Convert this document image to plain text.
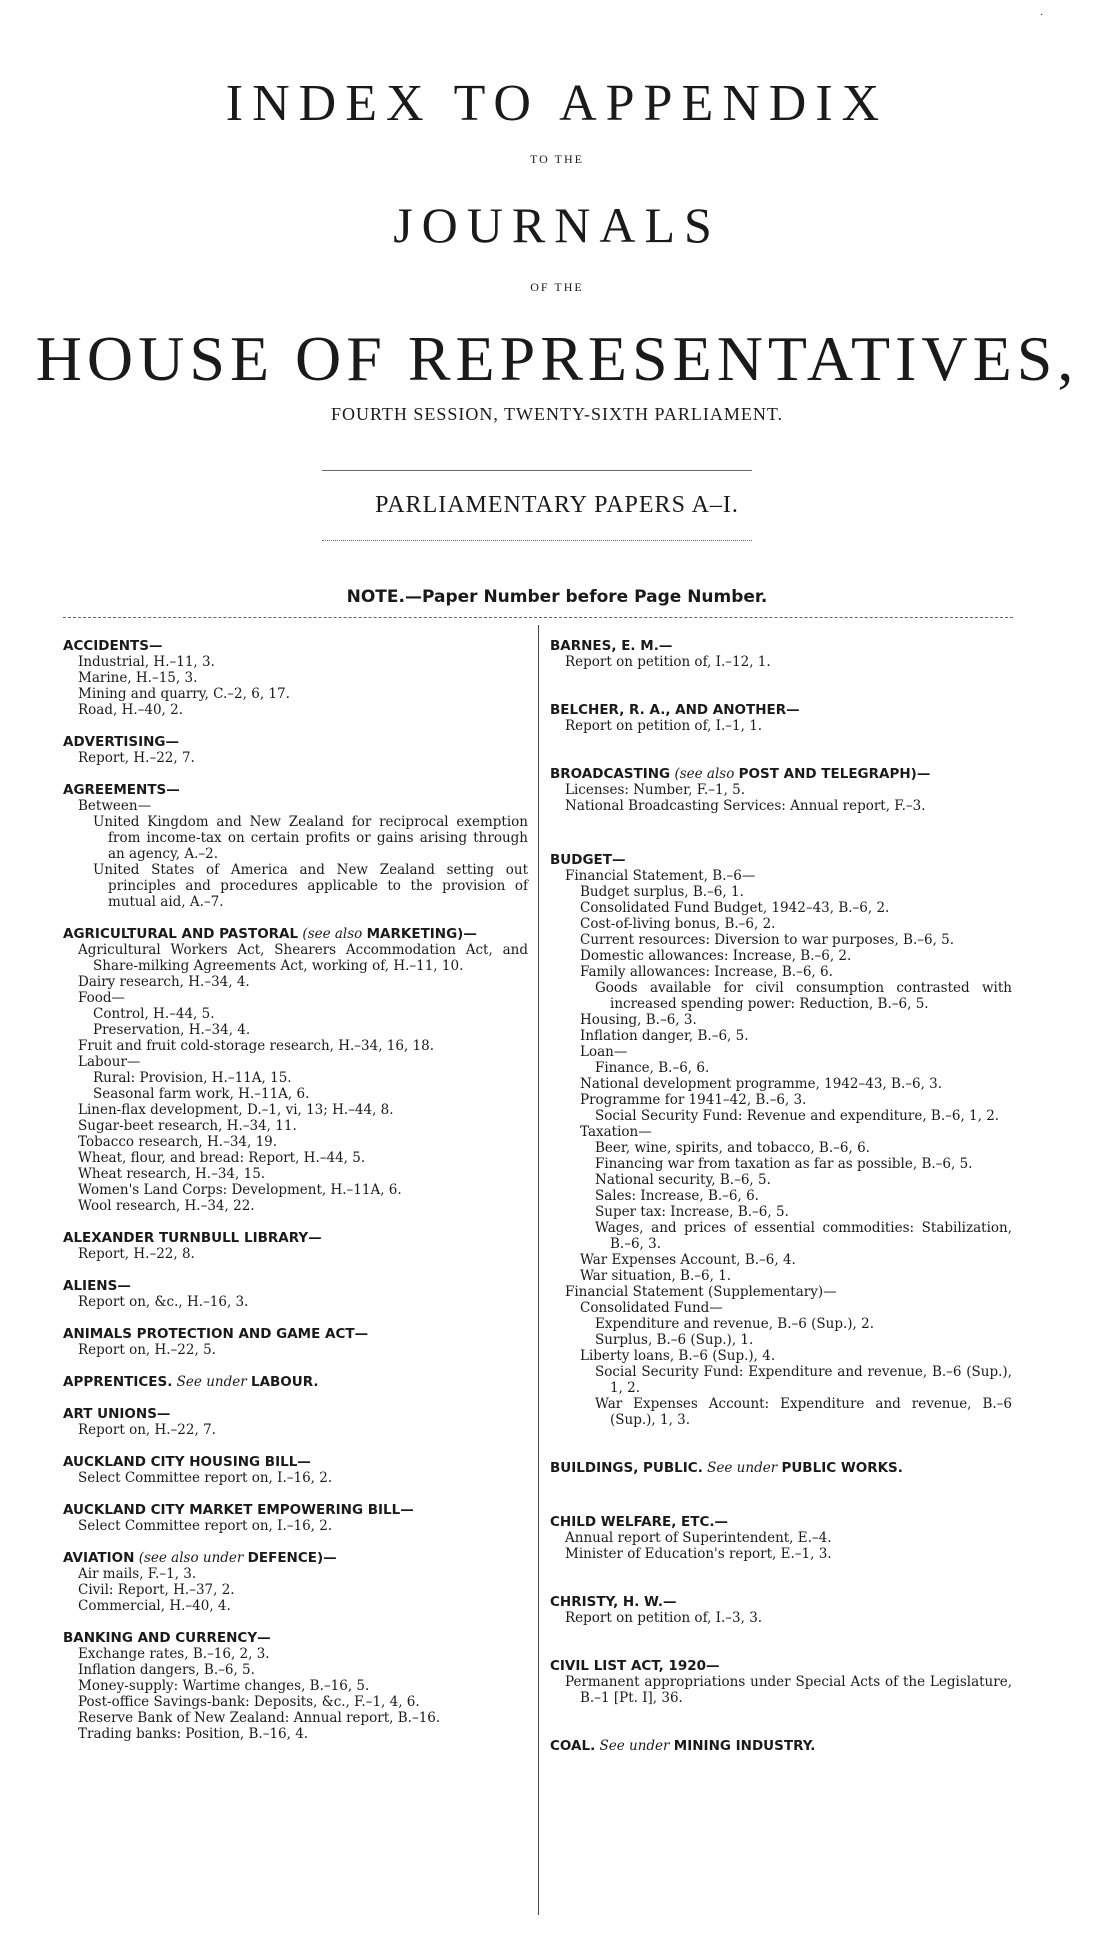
·
INDEX TO APPENDIX
TO THE
JOURNALS
OF THE
HOUSE OF REPRESENTATIVES,
FOURTH SESSION, TWENTY-SIXTH PARLIAMENT.
PARLIAMENTARY PAPERS A–I.
NOTE.—Paper Number before Page Number.
ACCIDENTS—
Industrial, H.–11, 3.
Marine, H.–15, 3.
Mining and quarry, C.–2, 6, 17.
Road, H.–40, 2.
ADVERTISING—
Report, H.–22, 7.
AGREEMENTS—
Between—
United Kingdom and New Zealand for reciprocal exemption from income-tax on certain profits or gains arising through an agency, A.–2.
United States of America and New Zealand setting out principles and procedures applicable to the provision of mutual aid, A.–7.
AGRICULTURAL AND PASTORAL (see also MARKETING)—
Agricultural Workers Act, Shearers Accommodation Act, and Share-milking Agreements Act, working of, H.–11, 10.
Dairy research, H.–34, 4.
Food—
Control, H.–44, 5.
Preservation, H.–34, 4.
Fruit and fruit cold-storage research, H.–34, 16, 18.
Labour—
Rural: Provision, H.–11A, 15.
Seasonal farm work, H.–11A, 6.
Linen-flax development, D.–1, vi, 13; H.–44, 8.
Sugar-beet research, H.–34, 11.
Tobacco research, H.–34, 19.
Wheat, flour, and bread: Report, H.–44, 5.
Wheat research, H.–34, 15.
Women's Land Corps: Development, H.–11A, 6.
Wool research, H.–34, 22.
ALEXANDER TURNBULL LIBRARY—
Report, H.–22, 8.
ALIENS—
Report on, &c., H.–16, 3.
ANIMALS PROTECTION AND GAME ACT—
Report on, H.–22, 5.
APPRENTICES. See under LABOUR.
ART UNIONS—
Report on, H.–22, 7.
AUCKLAND CITY HOUSING BILL—
Select Committee report on, I.–16, 2.
AUCKLAND CITY MARKET EMPOWERING BILL—
Select Committee report on, I.–16, 2.
AVIATION (see also under DEFENCE)—
Air mails, F.–1, 3.
Civil: Report, H.–37, 2.
Commercial, H.–40, 4.
BANKING AND CURRENCY—
Exchange rates, B.–16, 2, 3.
Inflation dangers, B.–6, 5.
Money-supply: Wartime changes, B.–16, 5.
Post-office Savings-bank: Deposits, &c., F.–1, 4, 6.
Reserve Bank of New Zealand: Annual report, B.–16.
Trading banks: Position, B.–16, 4.
BARNES, E. M.—
Report on petition of, I.–12, 1.
BELCHER, R. A., AND ANOTHER—
Report on petition of, I.–1, 1.
BROADCASTING (see also POST AND TELEGRAPH)—
Licenses: Number, F.–1, 5.
National Broadcasting Services: Annual report, F.–3.
BUDGET—
Financial Statement, B.–6—
Budget surplus, B.–6, 1.
Consolidated Fund Budget, 1942–43, B.–6, 2.
Cost-of-living bonus, B.–6, 2.
Current resources: Diversion to war purposes, B.–6, 5.
Domestic allowances: Increase, B.–6, 2.
Family allowances: Increase, B.–6, 6.
Goods available for civil consumption contrasted with increased spending power: Reduction, B.–6, 5.
Housing, B.–6, 3.
Inflation danger, B.–6, 5.
Loan—
Finance, B.–6, 6.
National development programme, 1942–43, B.–6, 3.
Programme for 1941–42, B.–6, 3.
Social Security Fund: Revenue and expenditure, B.–6, 1, 2.
Taxation—
Beer, wine, spirits, and tobacco, B.–6, 6.
Financing war from taxation as far as possible, B.–6, 5.
National security, B.–6, 5.
Sales: Increase, B.–6, 6.
Super tax: Increase, B.–6, 5.
Wages, and prices of essential commodities: Stabilization, B.–6, 3.
War Expenses Account, B.–6, 4.
War situation, B.–6, 1.
Financial Statement (Supplementary)—
Consolidated Fund—
Expenditure and revenue, B.–6 (Sup.), 2.
Surplus, B.–6 (Sup.), 1.
Liberty loans, B.–6 (Sup.), 4.
Social Security Fund: Expenditure and revenue, B.–6 (Sup.), 1, 2.
War Expenses Account: Expenditure and revenue, B.–6 (Sup.), 1, 3.
BUILDINGS, PUBLIC. See under PUBLIC WORKS.
CHILD WELFARE, ETC.—
Annual report of Superintendent, E.–4.
Minister of Education's report, E.–1, 3.
CHRISTY, H. W.—
Report on petition of, I.–3, 3.
CIVIL LIST ACT, 1920—
Permanent appropriations under Special Acts of the Legislature, B.–1 [Pt. I], 36.
COAL. See under MINING INDUSTRY.
